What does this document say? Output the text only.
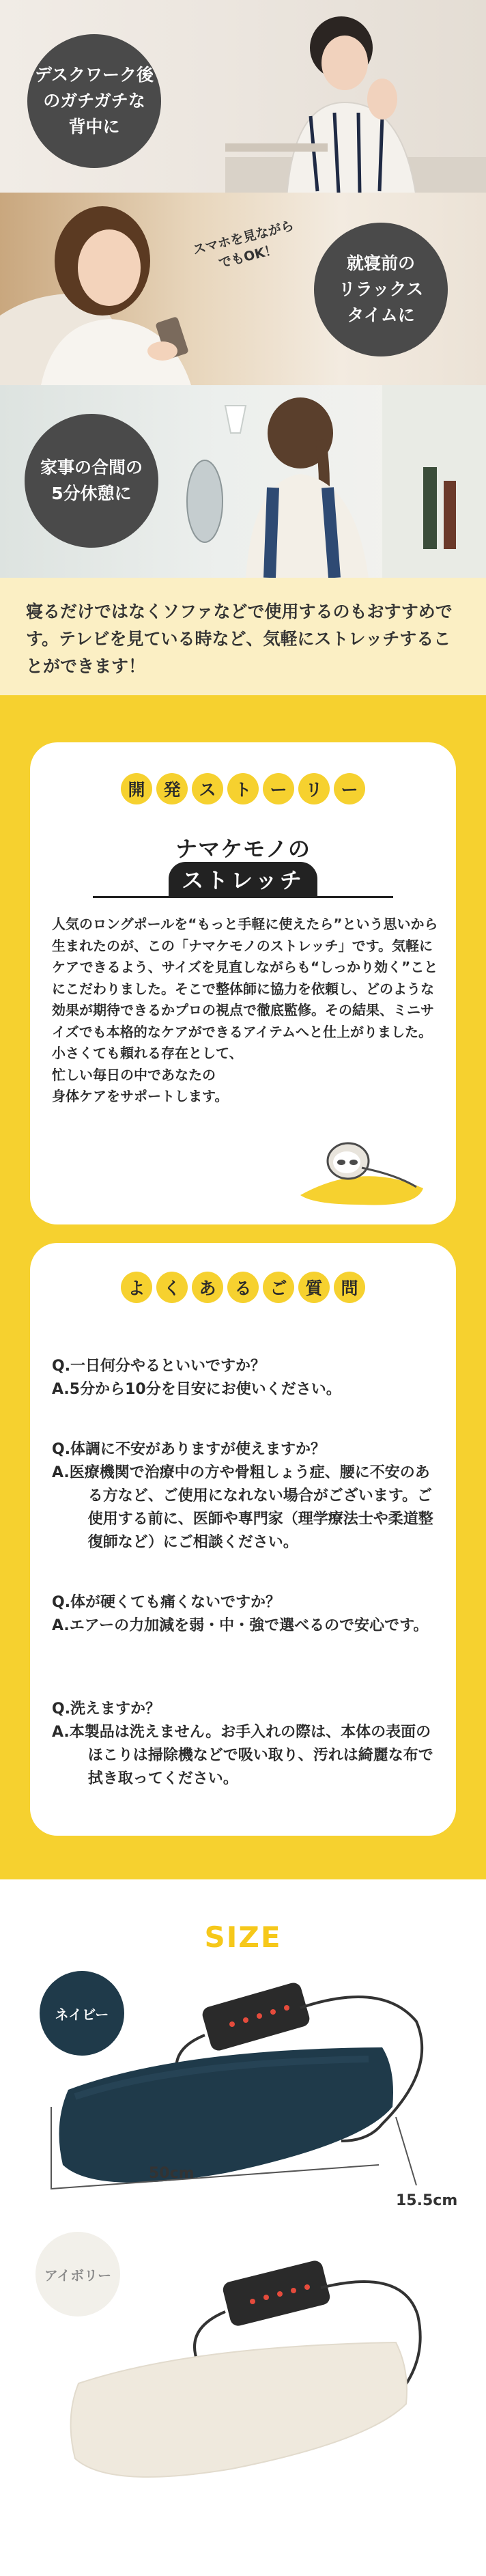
デスクワーク後
のガチガチな
背中に
スマホを見ながら
でもOK！	就寝前の
リラックス
タイムに
家事の合間の
5分休憩に

寝るだけではなくソファなどで使用するのもおすすめです。テレビを見ている時など、気軽にストレッチすることができます！

開	発	ス	ト	ー	リ	ー
ナマケモノの
ストレッチ

人気のロングポールを“もっと手軽に使えたら”という思いから生まれたのが、この「ナマケモノのストレッチ」です。気軽にケアできるよう、サイズを見直しながらも“しっかり効く”ことにこだわりました。そこで整体師に協力を依頼し、どのような効果が期待できるかプロの視点で徹底監修。その結果、ミニサイズでも本格的なケアができるアイテムへと仕上がりました。
小さくても頼れる存在として、
忙しい毎日の中であなたの
身体ケアをサポートします。

よ	く	あ	る	ご	質	問

Q.一日何分やるといいですか？

A.5分から10分を目安にお使いください。

Q.体調に不安がありますが使えますか？

A.医療機関で治療中の方や骨粗しょう症、腰に不安のある方など、ご使用になれない場合がございます。ご使用する前に、医師や専門家（理学療法士や柔道整復師など）にご相談ください。

Q.体が硬くても痛くないですか？

A.エアーの力加減を弱・中・強で選べるので安心です。

Q.洗えますか？

A.本製品は洗えません。お手入れの際は、本体の表面のほこりは掃除機などで吸い取り、汚れは綺麗な布で拭き取ってください。

SIZE
ネイビー
50cm
15.5cm
アイボリー
